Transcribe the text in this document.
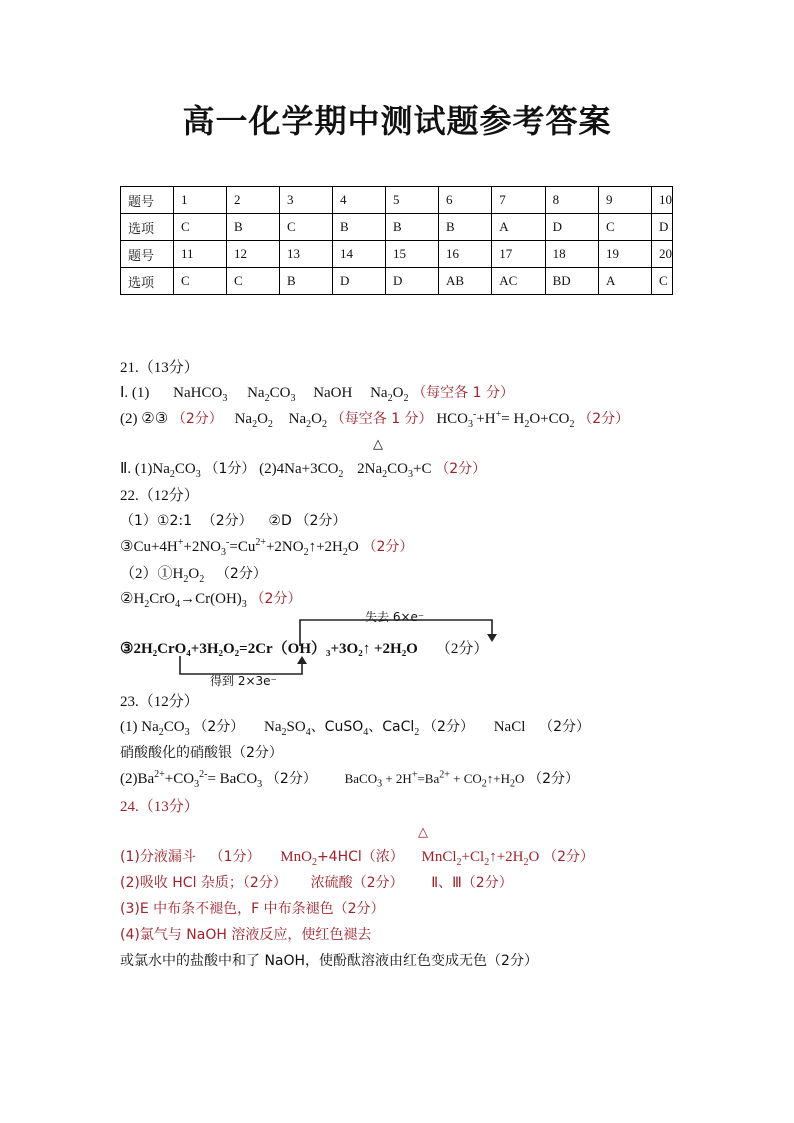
高一化学期中测试题参考答案
题号	1	2	3	4	5	6	7	8	9	10
选项	C	B	C	B	B	B	A	D	C	D
题号	11	12	13	14	15	16	17	18	19	20
选项	C	C	B	D	D	AB	AC	BD	A	C
21.（13分）
Ⅰ. (1) NaHCO$_3$ $Na_2CO_3$ NaOH $Na_2O_2$ （每空各 1 分）
(2) ②③ （2分） $Na_2O_2$ $Na_2O_2$ （每空各 1 分） $HCO_3^-+H^+= H_2O+CO_2$ （2分）
△
Ⅱ. $(1)Na_2CO_3$ （1分） $(2)4Na+3CO_2$ $2Na_2CO_3+C$ （2分）
22.（12分）
（1）①2:1 （2分） ②D （2分）
$③Cu+4H^++2NO_3^-=Cu^{2+}+2NO_2↑+2H_2O$ （2分）
$(2)①H_2O_2$ （2分）
$②H_2CrO_4\to Cr(OH)_3$ （2分）
失去 6×e⁻
得到 2×3e⁻
③2H₂CrO₄+3H₂O₂=2Cr（OH）₃+3O₂↑ +2H₂O （2分）
23.（12分）
(1) $Na_2CO_3$ （2分） $Na_2SO_4$、CuSO$_4$、CaCl$_2$ （2分） NaCl （2分）
硝酸酸化的硝酸银（2分）
$(2)Ba^{2+}+CO_3^{2-}=$ BaCO$_3$ （2分） BaCO$_3$ + $2H^+=Ba^{2+}$ + $CO_2↑+H_2O$ （2分）
24.（13分）
△
(1)分液漏斗 （1分） MnO$_2$+4HCl（浓） $MnCl_2+Cl_2↑+2H_2O$ （2分）
(2)吸收 HCl 杂质；（2分） 浓硫酸（2分） Ⅱ、Ⅲ（2分）
(3)E 中布条不褪色，F 中布条褪色（2分）
(4)氯气与 NaOH 溶液反应，使红色褪去
或氯水中的盐酸中和了 NaOH，使酚酞溶液由红色变成无色（2分）
